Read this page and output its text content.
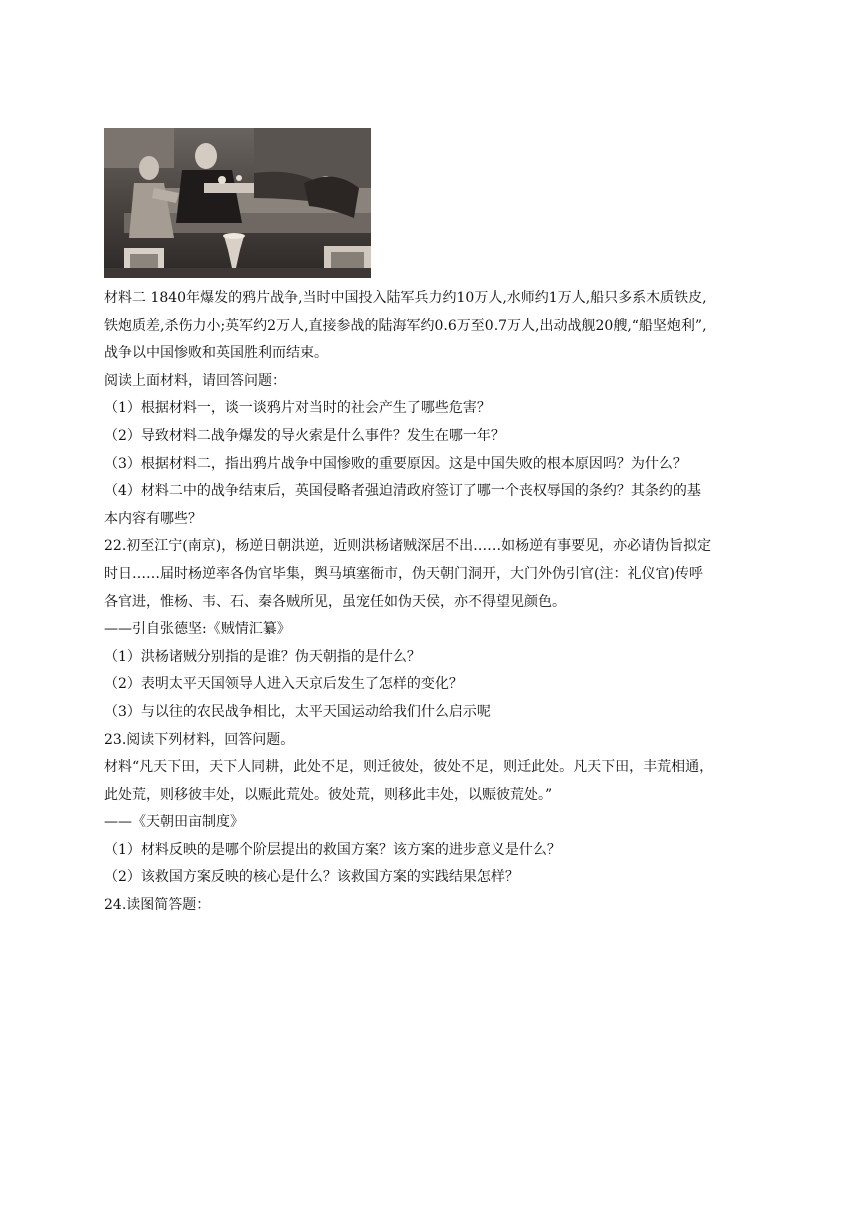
材料二 1840年爆发的鸦片战争,当时中国投入陆军兵力约10万人,水师约1万人,船只多系木质铁皮,
铁炮质差,杀伤力小;英军约2万人,直接参战的陆海军约0.6万至0.7万人,出动战舰20艘,“船坚炮利”,
战争以中国惨败和英国胜利而结束。
阅读上面材料，请回答问题：
（1）根据材料一，谈一谈鸦片对当时的社会产生了哪些危害？
（2）导致材料二战争爆发的导火索是什么事件？发生在哪一年？
（3）根据材料二，指出鸦片战争中国惨败的重要原因。这是中国失败的根本原因吗？为什么？
（4）材料二中的战争结束后，英国侵略者强迫清政府签订了哪一个丧权辱国的条约？其条约的基
本内容有哪些？
22.初至江宁(南京)，杨逆日朝洪逆，近则洪杨诸贼深居不出……如杨逆有事要见，亦必请伪旨拟定
时日……届时杨逆率各伪官毕集，舆马填塞衙市，伪天朝门洞开，大门外伪引官(注：礼仪官)传呼
各官进，惟杨、韦、石、秦各贼所见，虽宠任如伪天侯，亦不得望见颜色。
——引自张德坚:《贼情汇纂》
（1）洪杨诸贼分别指的是谁？伪天朝指的是什么？
（2）表明太平天国领导人进入天京后发生了怎样的变化？
（3）与以往的农民战争相比，太平天国运动给我们什么启示呢
23.阅读下列材料，回答问题。
材料“凡天下田，天下人同耕，此处不足，则迁彼处，彼处不足，则迁此处。凡天下田，丰荒相通，
此处荒，则移彼丰处，以赈此荒处。彼处荒，则移此丰处，以赈彼荒处。”
——《天朝田亩制度》
（1）材料反映的是哪个阶层提出的救国方案？该方案的进步意义是什么？
（2）该救国方案反映的核心是什么？该救国方案的实践结果怎样？
24.读图简答题：
